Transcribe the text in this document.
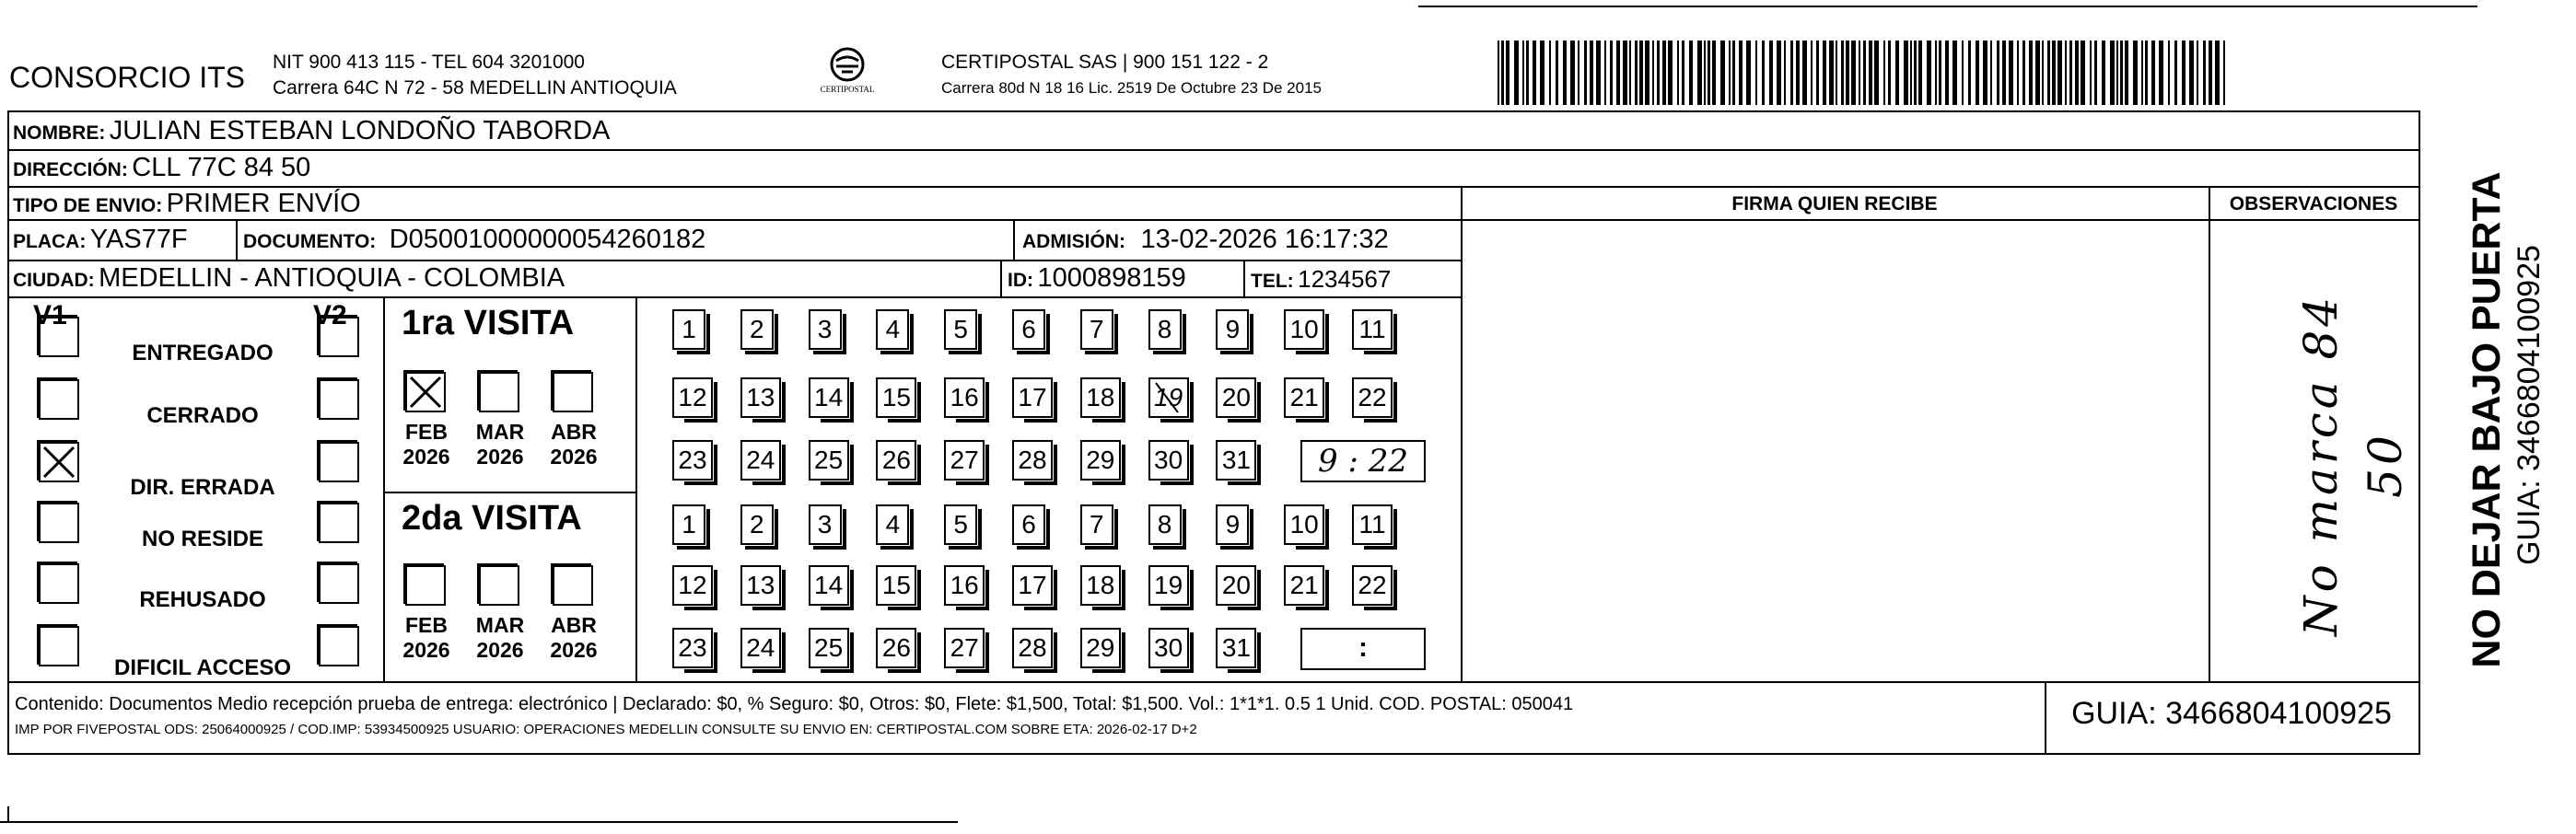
CONSORCIO ITS NIT 900 413 115 - TEL 604 3201000
Carrera 64C N 72 - 58 MEDELLIN ANTIOQUIA	CERTIPOSTAL
CERTIPOSTAL SAS | 900 151 122 - 2
Carrera 80d N 18 16 Lic. 2519 De Octubre 23 De 2015
NOMBRE: JULIAN ESTEBAN LONDOÑO TABORDA
DIRECCIÓN: CLL 77C 84 50
TIPO DE ENVIO: PRIMER ENVÍO	FIRMA QUIEN RECIBE	OBSERVACIONES
PLACA: YAS77F	DOCUMENTO: D05001000000054260182	ADMISIÓN: 13-02-2026 16:17:32
CIUDAD: MEDELLIN - ANTIOQUIA - COLOMBIA	ID: 1000898159	TEL: 1234567
V1	V2
ENTREGADO
CERRADO
DIR. ERRADA
NO RESIDE
REHUSADO
DIFICIL ACCESO
1ra VISITA
2da VISITA
FEB
2026
MAR
2026
ABR
2026
FEB
2026
MAR
2026
ABR
2026
1	2	3	4	5	6	7	8	9	10 11
12 13 14 15 16 17 18 19 20 21 22
23 24 25 26 27 28 29 30 31
1	2	3	4	5	6	7	8	9	10 11
12 13 14 15 16 17 18 19 20 21 22
23 24 25 26 27 28 29 30 31
9 : 22
:
No marca 84 50 NO DEJAR BAJO PUERTA GUIA: 3466804100925
Contenido: Documentos Medio recepción prueba de entrega: electrónico | Declarado: $0, % Seguro: $0, Otros: $0, Flete: $1,500, Total: $1,500. Vol.: 1*1*1. 0.5 1 Unid. COD. POSTAL: 050041
IMP POR FIVEPOSTAL ODS: 25064000925 / COD.IMP: 53934500925 USUARIO: OPERACIONES MEDELLIN CONSULTE SU ENVIO EN: CERTIPOSTAL.COM SOBRE ETA: 2026-02-17 D+2	GUIA: 3466804100925
